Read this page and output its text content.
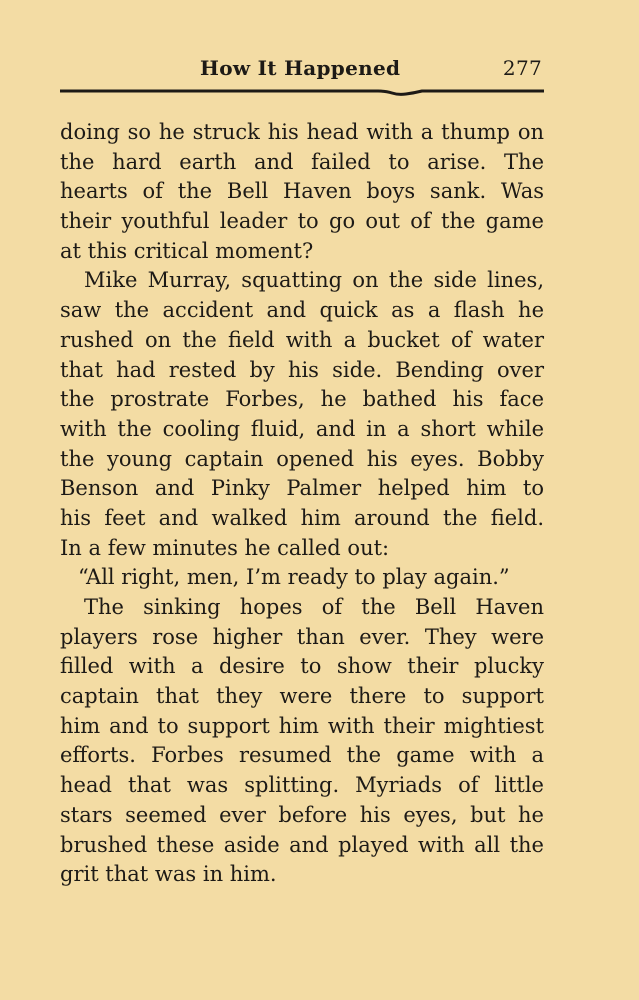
How It Happened	277
doing so he struck his head with a thump on
the hard earth and failed to arise. The
hearts of the Bell Haven boys sank. Was
their youthful leader to go out of the game
at this critical moment?
Mike Murray, squatting on the side lines,
saw the accident and quick as a flash he
rushed on the field with a bucket of water
that had rested by his side. Bending over
the prostrate Forbes, he bathed his face
with the cooling fluid, and in a short while
the young captain opened his eyes. Bobby
Benson and Pinky Palmer helped him to
his feet and walked him around the field.
In a few minutes he called out:
“All right, men, I’m ready to play again.”
The sinking hopes of the Bell Haven
players rose higher than ever. They were
filled with a desire to show their plucky
captain that they were there to support
him and to support him with their mightiest
efforts. Forbes resumed the game with a
head that was splitting. Myriads of little
stars seemed ever before his eyes, but he
brushed these aside and played with all the
grit that was in him.
